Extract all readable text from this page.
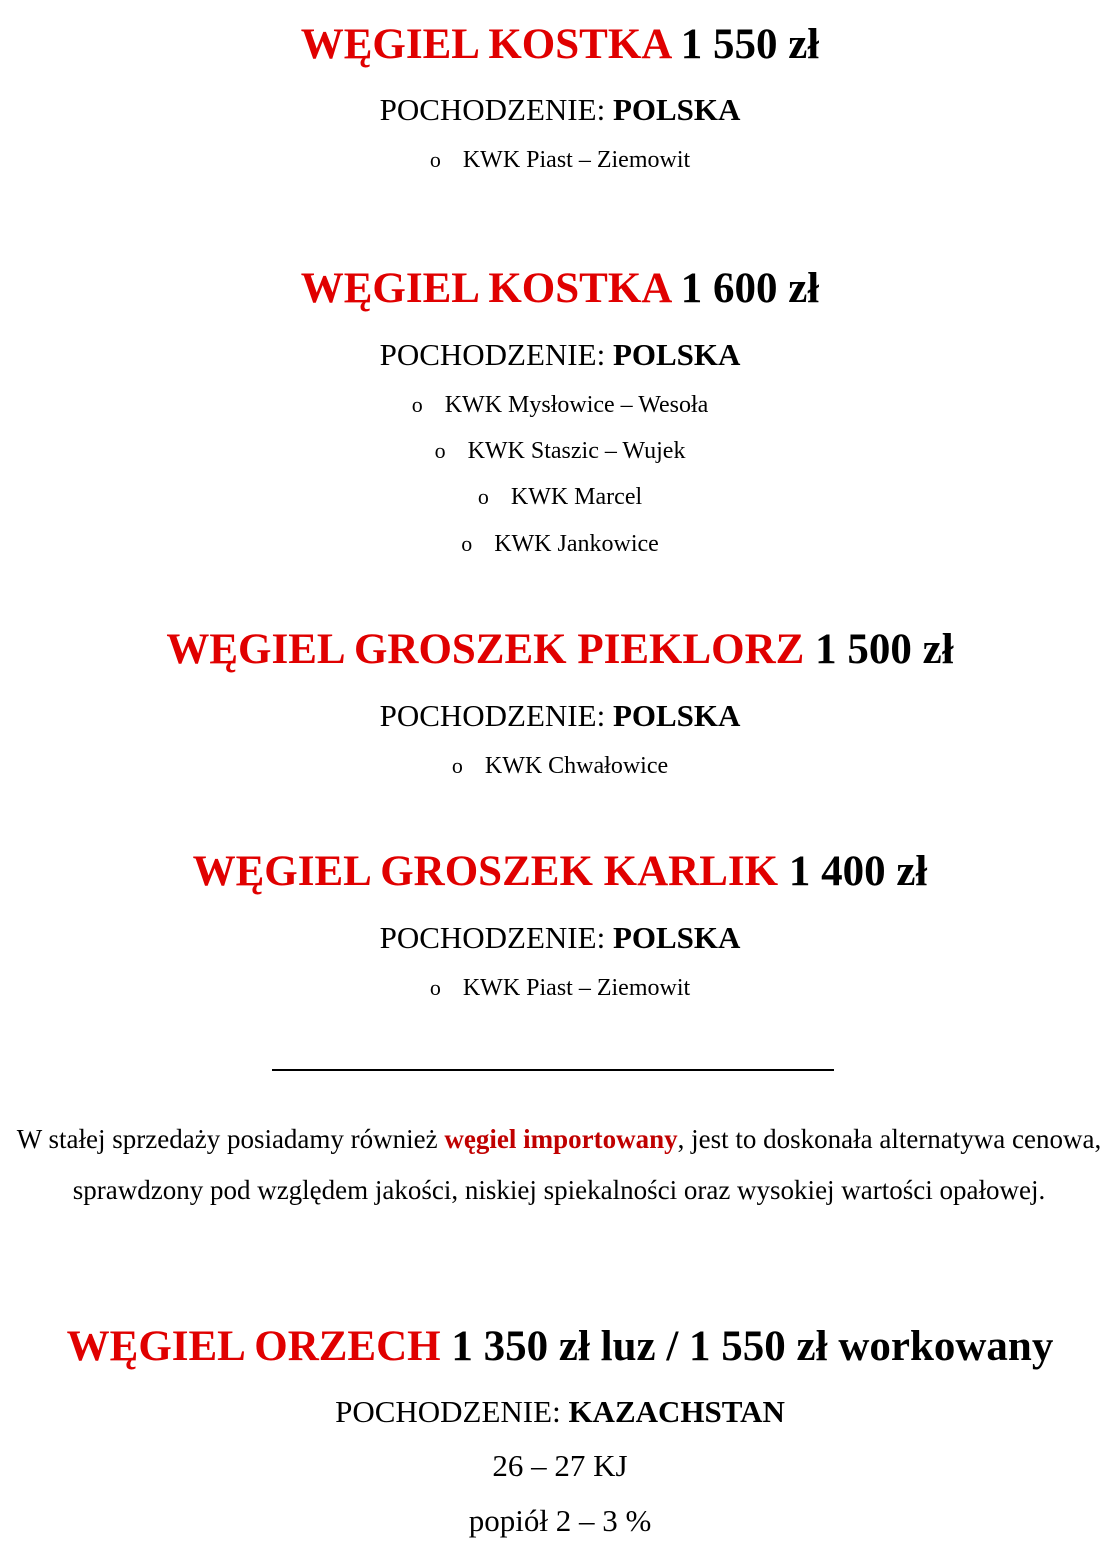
WĘGIEL KOSTKA 1 550 zł

POCHODZENIE: POLSKA

o KWK Piast – Ziemowit

WĘGIEL KOSTKA 1 600 zł

POCHODZENIE: POLSKA

o KWK Mysłowice – Wesoła

o KWK Staszic – Wujek

o KWK Marcel

o KWK Jankowice

WĘGIEL GROSZEK PIEKLORZ 1 500 zł

POCHODZENIE: POLSKA

o KWK Chwałowice

WĘGIEL GROSZEK KARLIK 1 400 zł

POCHODZENIE: POLSKA

o KWK Piast – Ziemowit

W stałej sprzedaży posiadamy również węgiel importowany, jest to doskonała alternatywa cenowa, sprawdzony pod względem jakości, niskiej spiekalności oraz wysokiej wartości opałowej.

WĘGIEL ORZECH 1 350 zł luz / 1 550 zł workowany

POCHODZENIE: KAZACHSTAN

26 – 27 KJ

popiół 2 – 3 %
